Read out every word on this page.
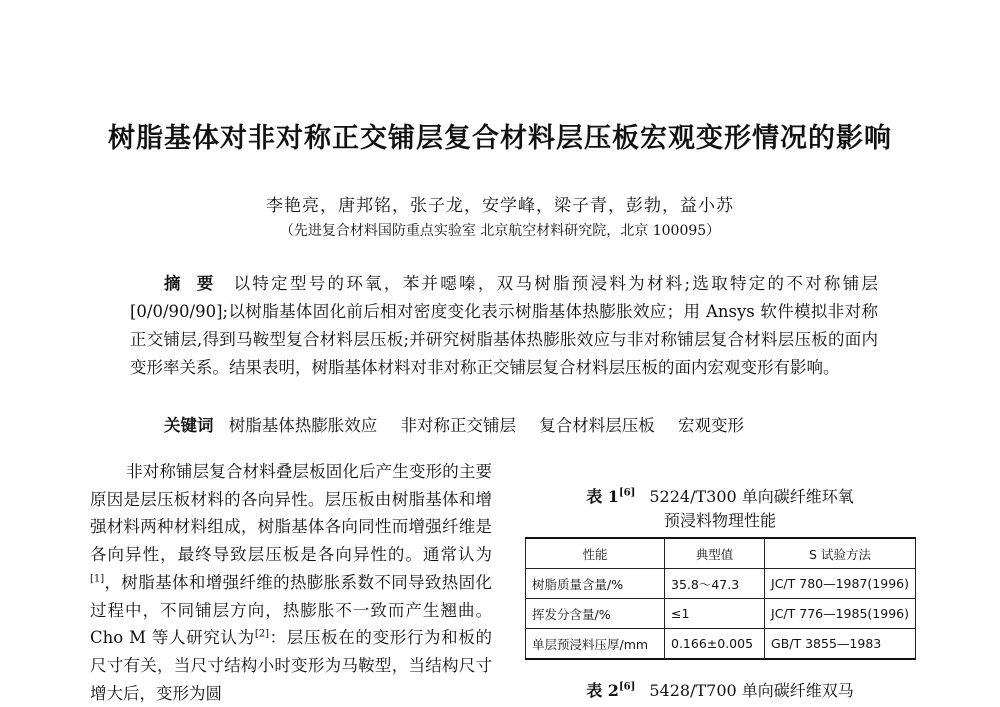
树脂基体对非对称正交铺层复合材料层压板宏观变形情况的影响
李艳亮，唐邦铭，张子龙，安学峰，梁子青，彭勃，益小苏
（先进复合材料国防重点实验室 北京航空材料研究院，北京 100095）
摘要 以特定型号的环氧，苯并噁嗪，双马树脂预浸料为材料;选取特定的不对称铺层[0/0/90/90];以树脂基体固化前后相对密度变化表示树脂基体热膨胀效应；用 Ansys 软件模拟非对称正交铺层,得到马鞍型复合材料层压板;并研究树脂基体热膨胀效应与非对称铺层复合材料层压板的面内变形率关系。结果表明，树脂基体材料对非对称正交铺层复合材料层压板的面内宏观变形有影响。
关键词 树脂基体热膨胀效应 非对称正交铺层 复合材料层压板 宏观变形
非对称铺层复合材料叠层板固化后产生变形的主要原因是层压板材料的各向异性。层压板由树脂基体和增强材料两种材料组成，树脂基体各向同性而增强纤维是各向异性，最终导致层压板是各向异性的。通常认为[1]，树脂基体和增强纤维的热膨胀系数不同导致热固化过程中，不同铺层方向，热膨胀不一致而产生翘曲。Cho M 等人研究认为[2]：层压板在的变形行为和板的尺寸有关，当尺寸结构小时变形为马鞍型，当结构尺寸增大后，变形为圆
表 1[6] 5224/T300 单向碳纤维环氧
预浸料物理性能
性能	典型值	S 试验方法
树脂质量含量/%	35.8～47.3	JC/T 780—1987(1996)
挥发分含量/%	≤1	JC/T 776—1985(1996)
单层预浸料压厚/mm	0.166±0.005	GB/T 3855—1983
表 2[6] 5428/T700 单向碳纤维双马
